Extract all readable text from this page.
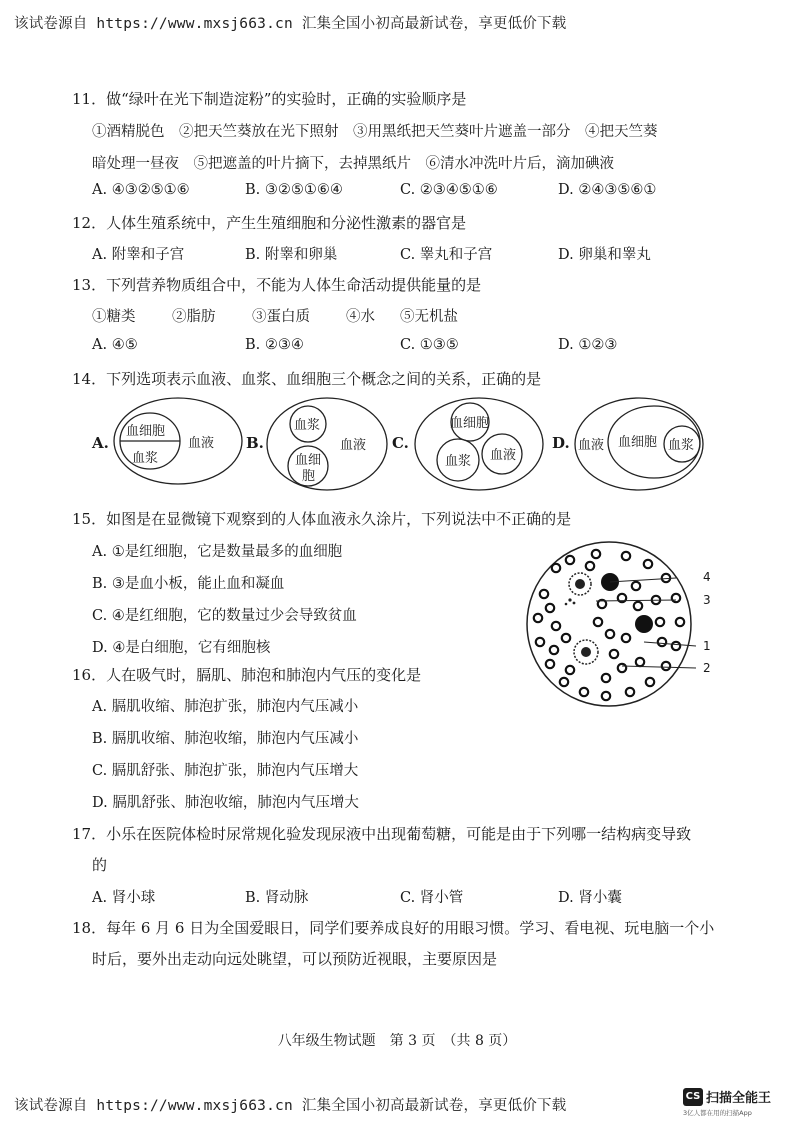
该试卷源自 https://www.mxsj663.cn 汇集全国小初高最新试卷，享更低价下载
11．做“绿叶在光下制造淀粉”的实验时，正确的实验顺序是
①酒精脱色　②把天竺葵放在光下照射　③用黑纸把天竺葵叶片遮盖一部分　④把天竺葵
暗处理一昼夜　⑤把遮盖的叶片摘下，去掉黑纸片　⑥清水冲洗叶片后，滴加碘液
A. ④③②⑤①⑥	B. ③②⑤①⑥④	C. ②③④⑤①⑥	D. ②④③⑤⑥①
12．人体生殖系统中，产生生殖细胞和分泌性激素的器官是
A. 附睾和子宫	B. 附睾和卵巢	C. 睾丸和子宫	D. 卵巢和睾丸
13．下列营养物质组合中，不能为人体生命活动提供能量的是
①糖类	②脂肪	③蛋白质 ④水 ⑤无机盐
A. ④⑤	B. ②③④	C. ①③⑤	D. ①②③
14．下列选项表示血液、血浆、血细胞三个概念之间的关系，正确的是
A.
血细胞
血浆
血液 B.
血浆
血液
血细
胞
C.
血细胞
血浆 血液
D. 血液 血细胞 血浆
15．如图是在显微镜下观察到的人体血液永久涂片，下列说法中不正确的是
A. ①是红细胞，它是数量最多的血细胞
B. ③是血小板，能止血和凝血
C. ④是红细胞，它的数量过少会导致贫血
D. ④是白细胞，它有细胞核
4
3
1
2
16．人在吸气时，膈肌、肺泡和肺泡内气压的变化是
A. 膈肌收缩、肺泡扩张，肺泡内气压减小
B. 膈肌收缩、肺泡收缩，肺泡内气压减小
C. 膈肌舒张、肺泡扩张，肺泡内气压增大
D. 膈肌舒张、肺泡收缩，肺泡内气压增大
17．小乐在医院体检时尿常规化验发现尿液中出现葡萄糖，可能是由于下列哪一结构病变导致
的
A. 肾小球	B. 肾动脉	C. 肾小管	D. 肾小囊
18．每年 6 月 6 日为全国爱眼日，同学们要养成良好的用眼习惯。学习、看电视、玩电脑一个小
时后，要外出走动向远处眺望，可以预防近视眼，主要原因是
八年级生物试题　第 3 页　（共 8 页）
该试卷源自 https://www.mxsj663.cn 汇集全国小初高最新试卷，享更低价下载
CS 扫描全能王
3亿人都在用的扫描App
